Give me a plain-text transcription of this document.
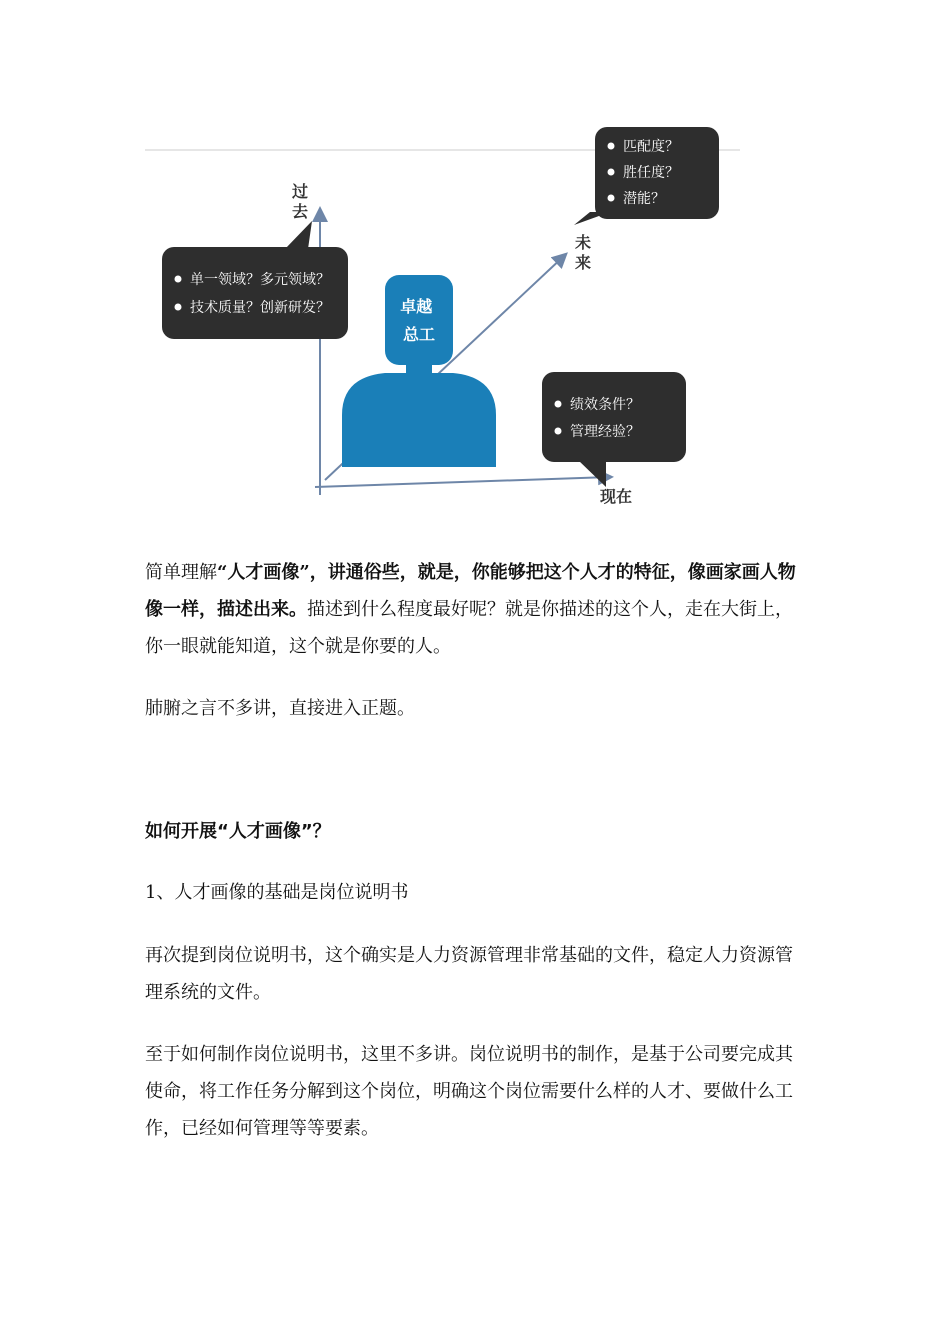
过 去
未 来
现在
卓越 总工
单一领域？多元领域？ 技术质量？创新研发？
匹配度？ 胜任度？ 潜能？
绩效条件？ 管理经验？

简单理解“人才画像”，讲通俗些，就是，你能够把这个人才的特征，像画家画人物像一样，描述出来。描述到什么程度最好呢？就是你描述的这个人，走在大街上，你一眼就能知道，这个就是你要的人。

肺腑之言不多讲，直接进入正题。

如何开展“人才画像”？

1、人才画像的基础是岗位说明书

再次提到岗位说明书，这个确实是人力资源管理非常基础的文件，稳定人力资源管理系统的文件。

至于如何制作岗位说明书，这里不多讲。岗位说明书的制作，是基于公司要完成其使命，将工作任务分解到这个岗位，明确这个岗位需要什么样的人才、要做什么工作，已经如何管理等等要素。
